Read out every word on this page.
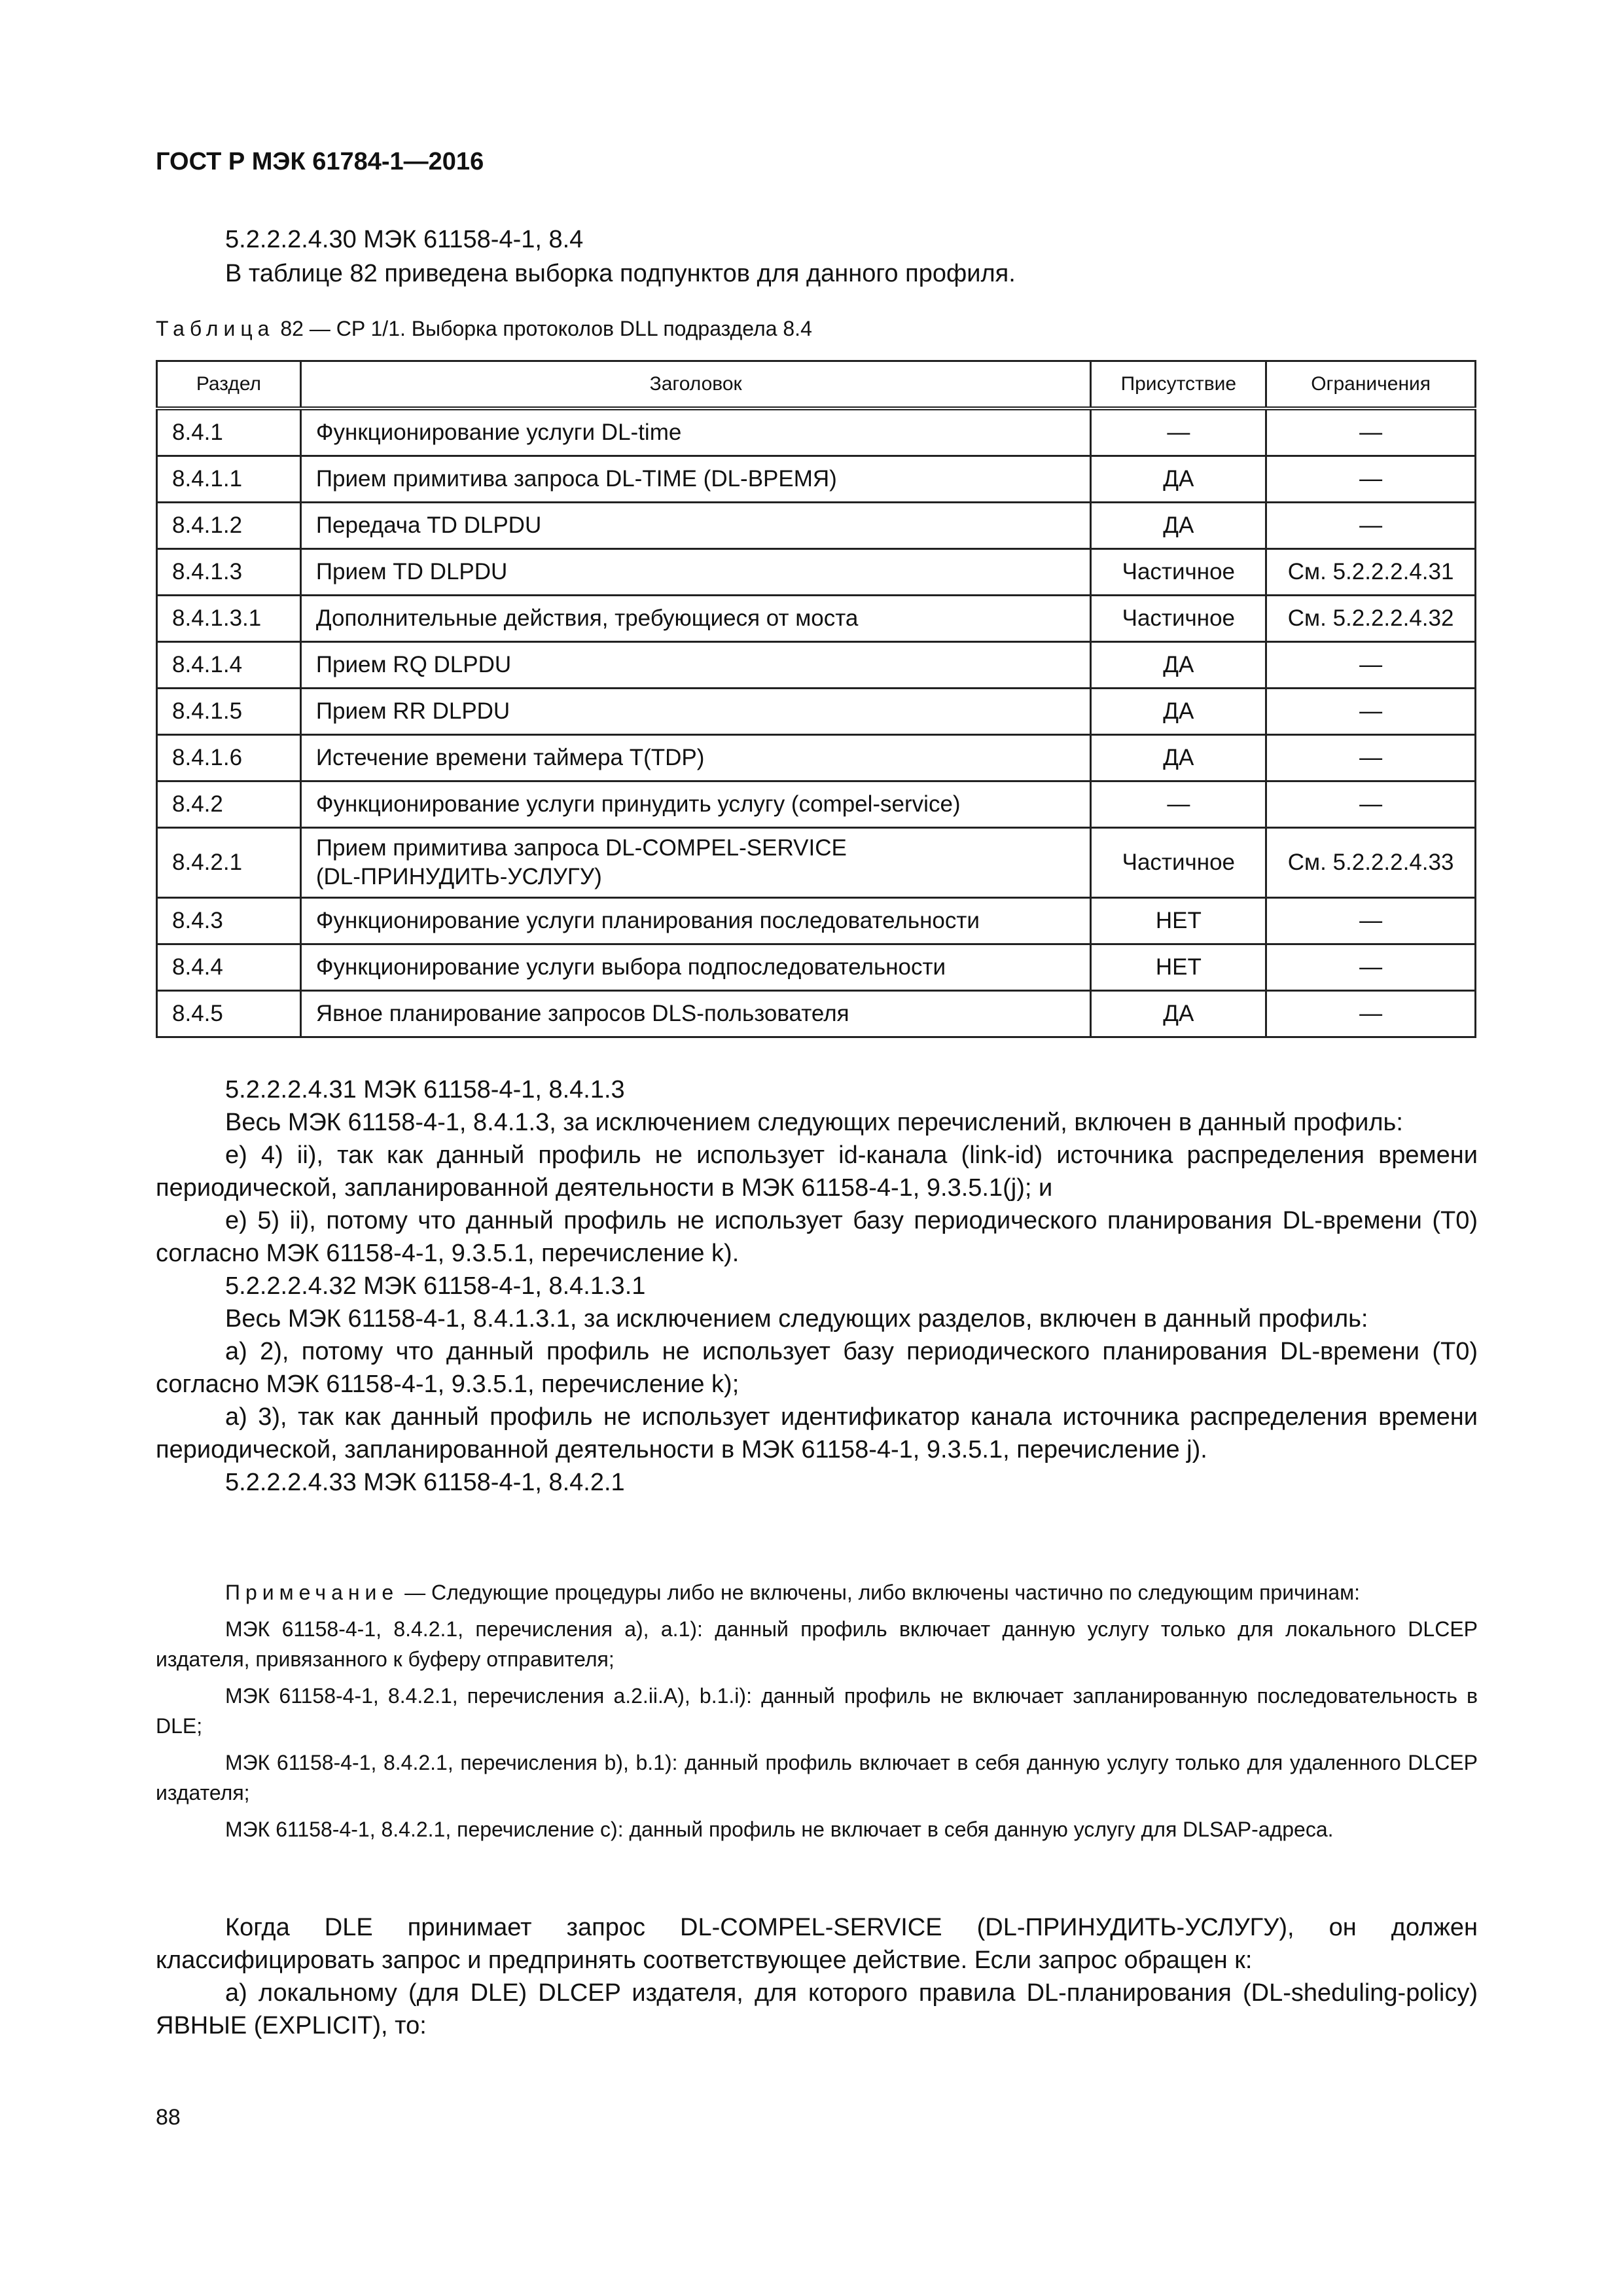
ГОСТ Р МЭК 61784-1—2016

5.2.2.2.4.30 МЭК 61158-4-1, 8.4

В таблице 82 приведена выборка подпунктов для данного профиля.

Таблица 82 — CP 1/1. Выборка протоколов DLL подраздела 8.4
Раздел	Заголовок	Присутствие	Ограничения
8.4.1	Функционирование услуги DL-time	—	—
8.4.1.1	Прием примитива запроса DL-TIME (DL-ВРЕМЯ)	ДА	—
8.4.1.2	Передача TD DLPDU	ДА	—
8.4.1.3	Прием TD DLPDU	Частичное	См. 5.2.2.2.4.31
8.4.1.3.1	Дополнительные действия, требующиеся от моста	Частичное	См. 5.2.2.2.4.32
8.4.1.4	Прием RQ DLPDU	ДА	—
8.4.1.5	Прием RR DLPDU	ДА	—
8.4.1.6	Истечение времени таймера T(TDP)	ДА	—
8.4.2	Функционирование услуги принудить услугу (compel-service)	—	—
8.4.2.1	Прием примитива запроса DL-COMPEL-SERVICE
(DL-ПРИНУДИТЬ-УСЛУГУ)	Частичное	См. 5.2.2.2.4.33
8.4.3	Функционирование услуги планирования последовательности	НЕТ	—
8.4.4	Функционирование услуги выбора подпоследовательности	НЕТ	—
8.4.5	Явное планирование запросов DLS-пользователя	ДА	—

5.2.2.2.4.31 МЭК 61158-4-1, 8.4.1.3

Весь МЭК 61158-4-1, 8.4.1.3, за исключением следующих перечислений, включен в данный профиль:

е) 4) ii), так как данный профиль не использует id-канала (link-id) источника распределения времени периодической, запланированной деятельности в МЭК 61158-4-1, 9.3.5.1(j); и

е) 5) ii), потому что данный профиль не использует базу периодического планирования DL-времени (T0) согласно МЭК 61158-4-1, 9.3.5.1, перечисление k).

5.2.2.2.4.32 МЭК 61158-4-1, 8.4.1.3.1

Весь МЭК 61158-4-1, 8.4.1.3.1, за исключением следующих разделов, включен в данный профиль:

а) 2), потому что данный профиль не использует базу периодического планирования DL-времени (T0) согласно МЭК 61158-4-1, 9.3.5.1, перечисление k);

а) 3), так как данный профиль не использует идентификатор канала источника распределения времени периодической, запланированной деятельности в МЭК 61158-4-1, 9.3.5.1, перечисление j).

5.2.2.2.4.33 МЭК 61158-4-1, 8.4.2.1

Примечание — Следующие процедуры либо не включены, либо включены частично по следующим причинам:

МЭК 61158-4-1, 8.4.2.1, перечисления а), а.1): данный профиль включает данную услугу только для локального DLCEP издателя, привязанного к буферу отправителя;

МЭК 61158-4-1, 8.4.2.1, перечисления а.2.ii.A), b.1.i): данный профиль не включает запланированную последовательность в DLE;

МЭК 61158-4-1, 8.4.2.1, перечисления b), b.1): данный профиль включает в себя данную услугу только для удаленного DLCEP издателя;

МЭК 61158-4-1, 8.4.2.1, перечисление с): данный профиль не включает в себя данную услугу для DLSAP-адреса.

Когда DLE принимает запрос DL-COMPEL-SERVICE (DL-ПРИНУДИТЬ-УСЛУГУ), он должен классифицировать запрос и предпринять соответствующее действие. Если запрос обращен к:

а) локальному (для DLE) DLCEP издателя, для которого правила DL-планирования (DL-sheduling-policy) ЯВНЫЕ (EXPLICIT), то:

88
